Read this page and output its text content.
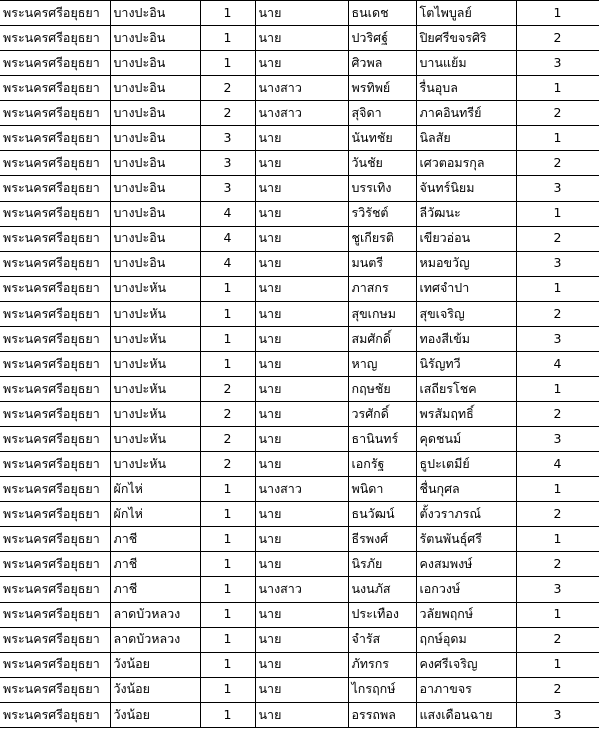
พระนครศรีอยุธยา	บางปะอิน	1	นาย	ธนเดช	โตไพบูลย์	1
พระนครศรีอยุธยา	บางปะอิน	1	นาย	ปวริศฐ์	ปิยศรีขจรศิริ	2
พระนครศรีอยุธยา	บางปะอิน	1	นาย	ศิวพล	บานแย้ม	3
พระนครศรีอยุธยา	บางปะอิน	2	นางสาว	พรทิพย์	รื่นอุบล	1
พระนครศรีอยุธยา	บางปะอิน	2	นางสาว	สุจิดา	ภาคอินทรีย์	2
พระนครศรีอยุธยา	บางปะอิน	3	นาย	นันทชัย	นิลสัย	1
พระนครศรีอยุธยา	บางปะอิน	3	นาย	วันชัย	เศวตอมรกุล	2
พระนครศรีอยุธยา	บางปะอิน	3	นาย	บรรเทิง	จันทร์นิยม	3
พระนครศรีอยุธยา	บางปะอิน	4	นาย	รวิรัชต์	ลีวัฒนะ	1
พระนครศรีอยุธยา	บางปะอิน	4	นาย	ชูเกียรติ	เขียวอ่อน	2
พระนครศรีอยุธยา	บางปะอิน	4	นาย	มนตรี	หมอขวัญ	3
พระนครศรีอยุธยา	บางปะหัน	1	นาย	ภาสกร	เทศจำปา	1
พระนครศรีอยุธยา	บางปะหัน	1	นาย	สุขเกษม	สุขเจริญ	2
พระนครศรีอยุธยา	บางปะหัน	1	นาย	สมศักดิ์	ทองสีเข้ม	3
พระนครศรีอยุธยา	บางปะหัน	1	นาย	หาญ	นิรัญทวี	4
พระนครศรีอยุธยา	บางปะหัน	2	นาย	กฤษชัย	เสถียรโชค	1
พระนครศรีอยุธยา	บางปะหัน	2	นาย	วรศักดิ์	พรสัมฤทธิ์	2
พระนครศรีอยุธยา	บางปะหัน	2	นาย	ธานินทร์	คุดชนม์	3
พระนครศรีอยุธยา	บางปะหัน	2	นาย	เอกรัฐ	ธูปะเตมีย์	4
พระนครศรีอยุธยา	ผักไห่	1	นางสาว	พนิดา	ชื่นกุศล	1
พระนครศรีอยุธยา	ผักไห่	1	นาย	ธนวัฒน์	ตั้งวราภรณ์	2
พระนครศรีอยุธยา	ภาชี	1	นาย	ธีรพงศ์	รัตนพันธุ์ศรี	1
พระนครศรีอยุธยา	ภาชี	1	นาย	นิรภัย	คงสมพงษ์	2
พระนครศรีอยุธยา	ภาชี	1	นางสาว	นงนภัส	เอกวงษ์	3
พระนครศรีอยุธยา	ลาดบัวหลวง	1	นาย	ประเทือง	วลัยพฤกษ์	1
พระนครศรีอยุธยา	ลาดบัวหลวง	1	นาย	จำรัส	ฤกษ์อุดม	2
พระนครศรีอยุธยา	วังน้อย	1	นาย	ภัทรกร	คงศรีเจริญ	1
พระนครศรีอยุธยา	วังน้อย	1	นาย	ไกรฤกษ์	อาภาขจร	2
พระนครศรีอยุธยา	วังน้อย	1	นาย	อรรถพล	แสงเดือนฉาย	3
